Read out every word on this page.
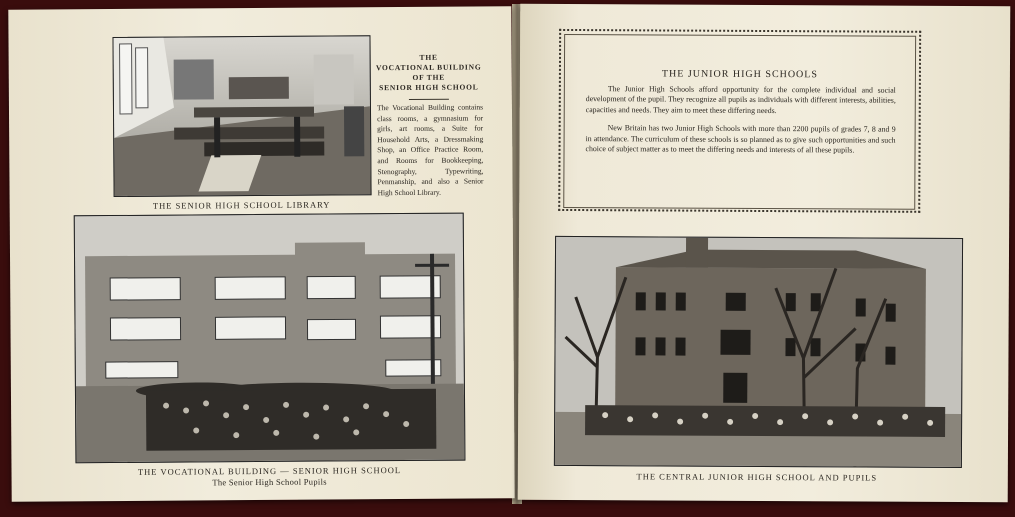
THE
VOCATIONAL BUILDING
OF THE
SENIOR HIGH SCHOOL
The Vocational Building contains class rooms, a gymnasium for girls, art rooms, a Suite for Household Arts, a Dressmaking Shop, an Office Practice Room, and Rooms for Bookkeeping, Stenography, Typewriting, Penmanship, and also a Senior High School Library.
THE SENIOR HIGH SCHOOL LIBRARY
THE VOCATIONAL BUILDING — SENIOR HIGH SCHOOL
The Senior High School Pupils
THE JUNIOR HIGH SCHOOLS

The Junior High Schools afford opportunity for the complete individual and social development of the pupil. They recognize all pupils as individuals with different interests, abilities, capacities and needs. They aim to meet these differing needs.

New Britain has two Junior High Schools with more than 2200 pupils of grades 7, 8 and 9 in attendance. The curriculum of these schools is so planned as to give such opportunities and such choice of subject matter as to meet the differing needs and interests of all these pupils.

THE CENTRAL JUNIOR HIGH SCHOOL AND PUPILS
